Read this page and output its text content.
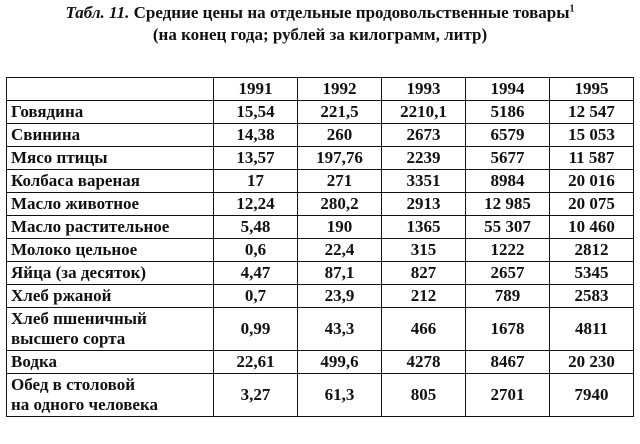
Табл. 11. Средние цены на отдельные продовольственные товары$^1$
(на конец года; рублей за килограмм, литр)
	1991	1992	1993	1994	1995
Говядина	15,54	221,5	2210,1	5186	12 547
Свинина	14,38	260	2673	6579	15 053
Мясо птицы	13,57	197,76	2239	5677	11 587
Колбаса вареная	17	271	3351	8984	20 016
Масло животное	12,24	280,2	2913	12 985	20 075
Масло растительное	5,48	190	1365	55 307	10 460
Молоко цельное	0,6	22,4	315	1222	2812
Яйца (за десяток)	4,47	87,1	827	2657	5345
Хлеб ржаной	0,7	23,9	212	789	2583

Хлеб пшеничный
высшего сорта	0,99	43,3	466	1678	4811
Водка	22,61	499,6	4278	8467	20 230

Обед в столовой
на одного человека	3,27	61,3	805	2701	7940
